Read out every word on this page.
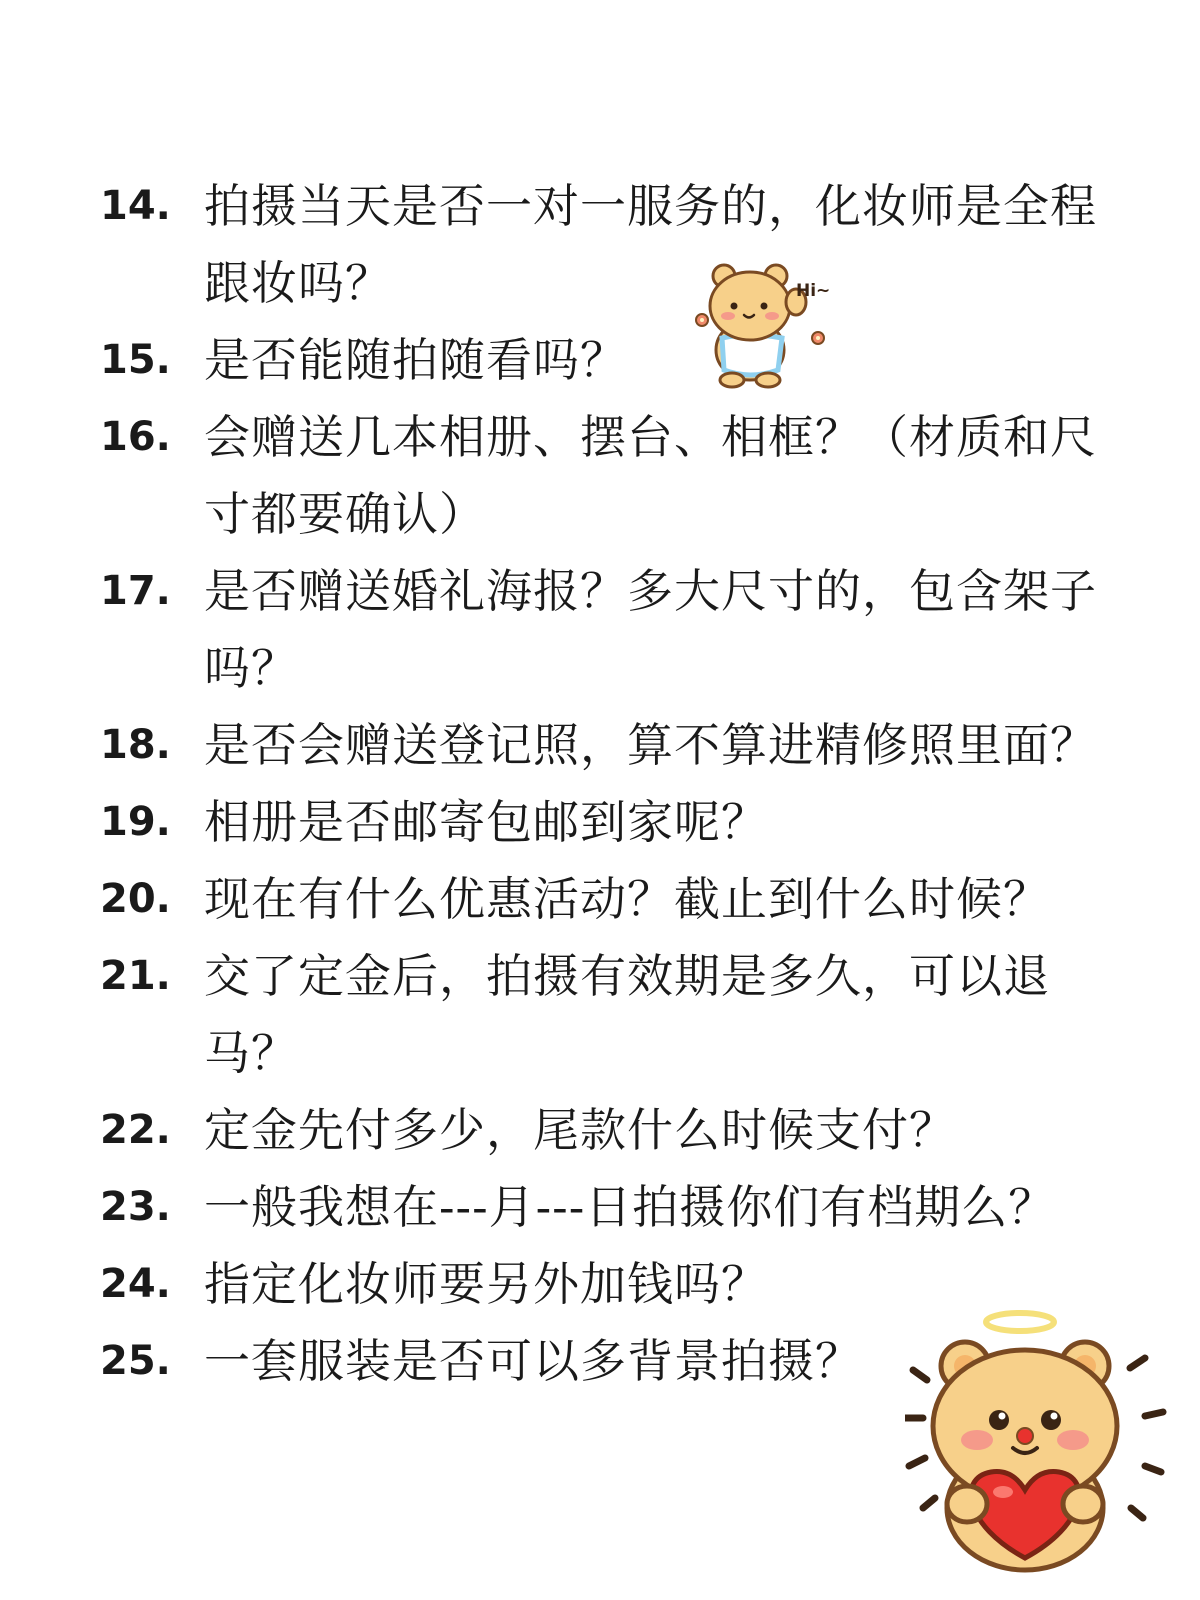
14. 拍摄当天是否一对一服务的，化妆师是全程跟妆吗？
15. 是否能随拍随看吗？
16. 会赠送几本相册、摆台、相框？（材质和尺寸都要确认）
17. 是否赠送婚礼海报？多大尺寸的，包含架子吗？
18. 是否会赠送登记照，算不算进精修照里面？
19. 相册是否邮寄包邮到家呢？
20. 现在有什么优惠活动？截止到什么时候？
21. 交了定金后，拍摄有效期是多久，可以退 马？
22. 定金先付多少，尾款什么时候支付？
23. 一般我想在---月---日拍摄你们有档期么？
24. 指定化妆师要另外加钱吗？
25. 一套服装是否可以多背景拍摄？
Hi~
